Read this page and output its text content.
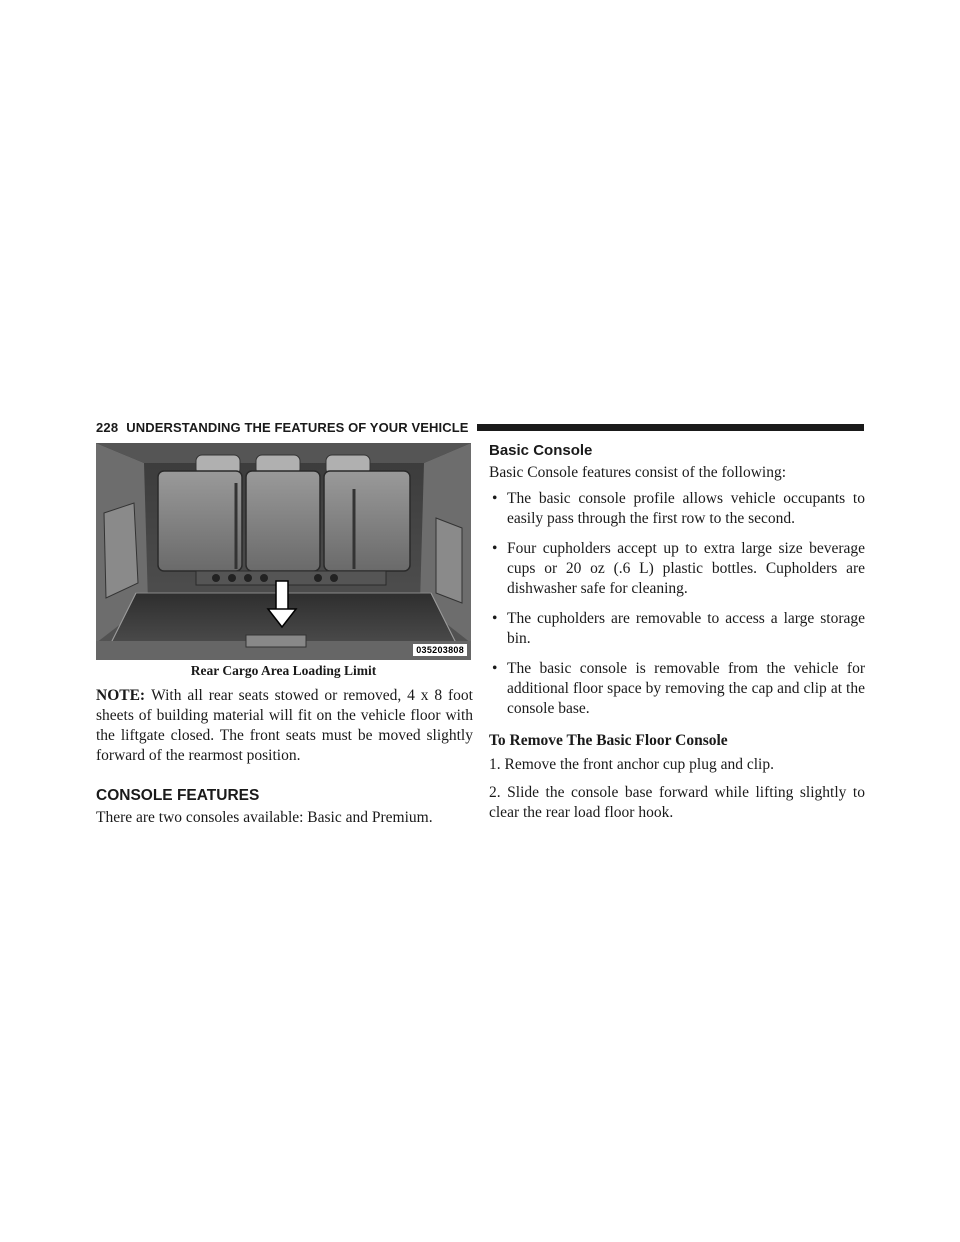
228 UNDERSTANDING THE FEATURES OF YOUR VEHICLE
035203808
Rear Cargo Area Loading Limit

NOTE: With all rear seats stowed or removed, 4 x 8 foot sheets of building material will fit on the vehicle floor with the liftgate closed. The front seats must be moved slightly forward of the rearmost position.

CONSOLE FEATURES

There are two consoles available: Basic and Premium.

Basic Console

Basic Console features consist of the following:

• The basic console profile allows vehicle occupants to easily pass through the first row to the second.

• Four cupholders accept up to extra large size beverage cups or 20 oz (.6 L) plastic bottles. Cupholders are dishwasher safe for cleaning.

• The cupholders are removable to access a large storage bin.

• The basic console is removable from the vehicle for additional floor space by removing the cap and clip at the console base.

To Remove The Basic Floor Console

1. Remove the front anchor cup plug and clip.

2. Slide the console base forward while lifting slightly to clear the rear load floor hook.
